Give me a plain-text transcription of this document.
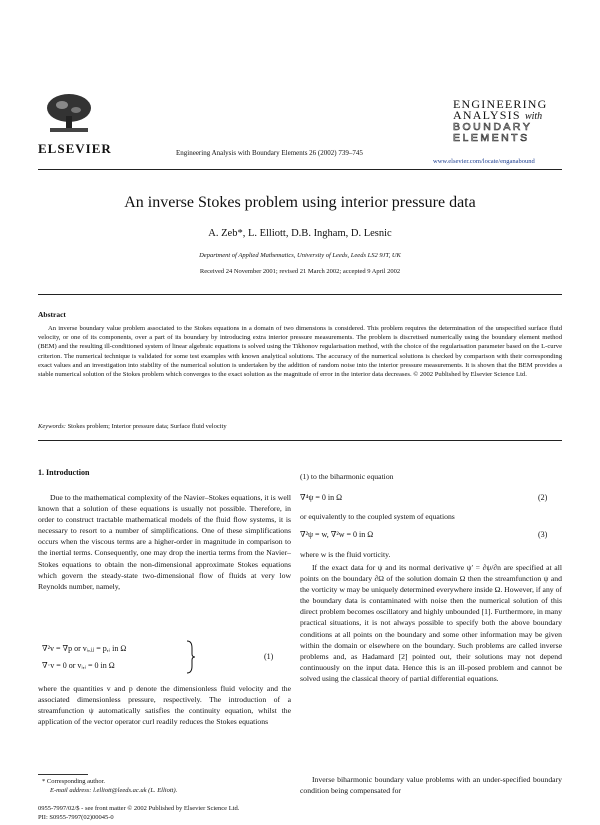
ELSEVIER
ENGINEERING
ANALYSIS with
BOUNDARY
ELEMENTS
Engineering Analysis with Boundary Elements 26 (2002) 739–745
www.elsevier.com/locate/enganabound
An inverse Stokes problem using interior pressure data
A. Zeb*, L. Elliott, D.B. Ingham, D. Lesnic
Department of Applied Mathematics, University of Leeds, Leeds LS2 9JT, UK
Received 24 November 2001; revised 21 March 2002; accepted 9 April 2002
Abstract
An inverse boundary value problem associated to the Stokes equations in a domain of two dimensions is considered. This problem requires the determination of the unspecified surface fluid velocity, or one of its components, over a part of its boundary by introducing extra interior pressure measurements. The problem is discretised numerically using the boundary element method (BEM) and the resulting ill-conditioned system of linear algebraic equations is solved using the Tikhonov regularisation method, with the choice of the regularisation parameter based on the L-curve criterion. The numerical technique is validated for some test examples with known analytical solutions. The accuracy of the numerical solutions is checked by comparison with their corresponding exact values and an investigation into stability of the numerical solution is undertaken by the addition of random noise into the interior pressure measurements. It is shown that the BEM provides a stable numerical solution of the Stokes problem which converges to the exact solution as the magnitude of error in the interior data decreases. © 2002 Published by Elsevier Science Ltd.
Keywords: Stokes problem; Interior pressure data; Surface fluid velocity
1. Introduction
Due to the mathematical complexity of the Navier–Stokes equations, it is well known that a solution of these equations is usually not possible. Therefore, in order to construct tractable mathematical models of the fluid flow systems, it is necessary to resort to a number of simplifications. One of these simplifications occurs when the viscous terms are a higher-order in magnitude in comparison to the inertial terms. Consequently, one may drop the inertia terms from the Navier–Stokes equations to obtain the non-dimensional approximate Stokes equations which govern the steady-state two-dimensional flow of fluids at very low Reynolds number, namely,
∇²v = ∇p or vᵢ,ⱼⱼ = p,ᵢ in Ω
∇·v = 0 or vᵢ,ᵢ = 0 in Ω
(1)
where the quantities v and p denote the dimensionless fluid velocity and the associated dimensionless pressure, respectively. The introduction of a streamfunction ψ automatically satisfies the continuity equation, whilst the application of the vector operator curl readily reduces the Stokes equations
* Corresponding author.
E-mail address: l.elliott@leeds.ac.uk (L. Elliott).
0955-7997/02/$ - see front matter © 2002 Published by Elsevier Science Ltd.
PII: S0955-7997(02)00045-0
(1) to the biharmonic equation
∇⁴ψ = 0 in Ω	(2)
or equivalently to the coupled system of equations
∇²ψ = w, ∇²w = 0 in Ω	(3)
where w is the fluid vorticity.
If the exact data for ψ and its normal derivative ψ' = ∂ψ/∂n are specified at all points on the boundary ∂Ω of the solution domain Ω then the streamfunction ψ and the vorticity w may be uniquely determined everywhere inside Ω. However, if any of the boundary data is contaminated with noise then the numerical solution of this direct problem becomes oscillatory and highly unbounded [1]. Furthermore, in many practical situations, it is not always possible to specify both the above boundary conditions at all points on the boundary and some other information may be given within the domain or elsewhere on the boundary. Such problems are called inverse problems and, as Hadamard [2] pointed out, their solutions may not depend continuously on the input data. Hence this is an ill-posed problem and cannot be solved using the classical theory of partial differential equations.
Inverse biharmonic boundary value problems with an under-specified boundary condition being compensated for
